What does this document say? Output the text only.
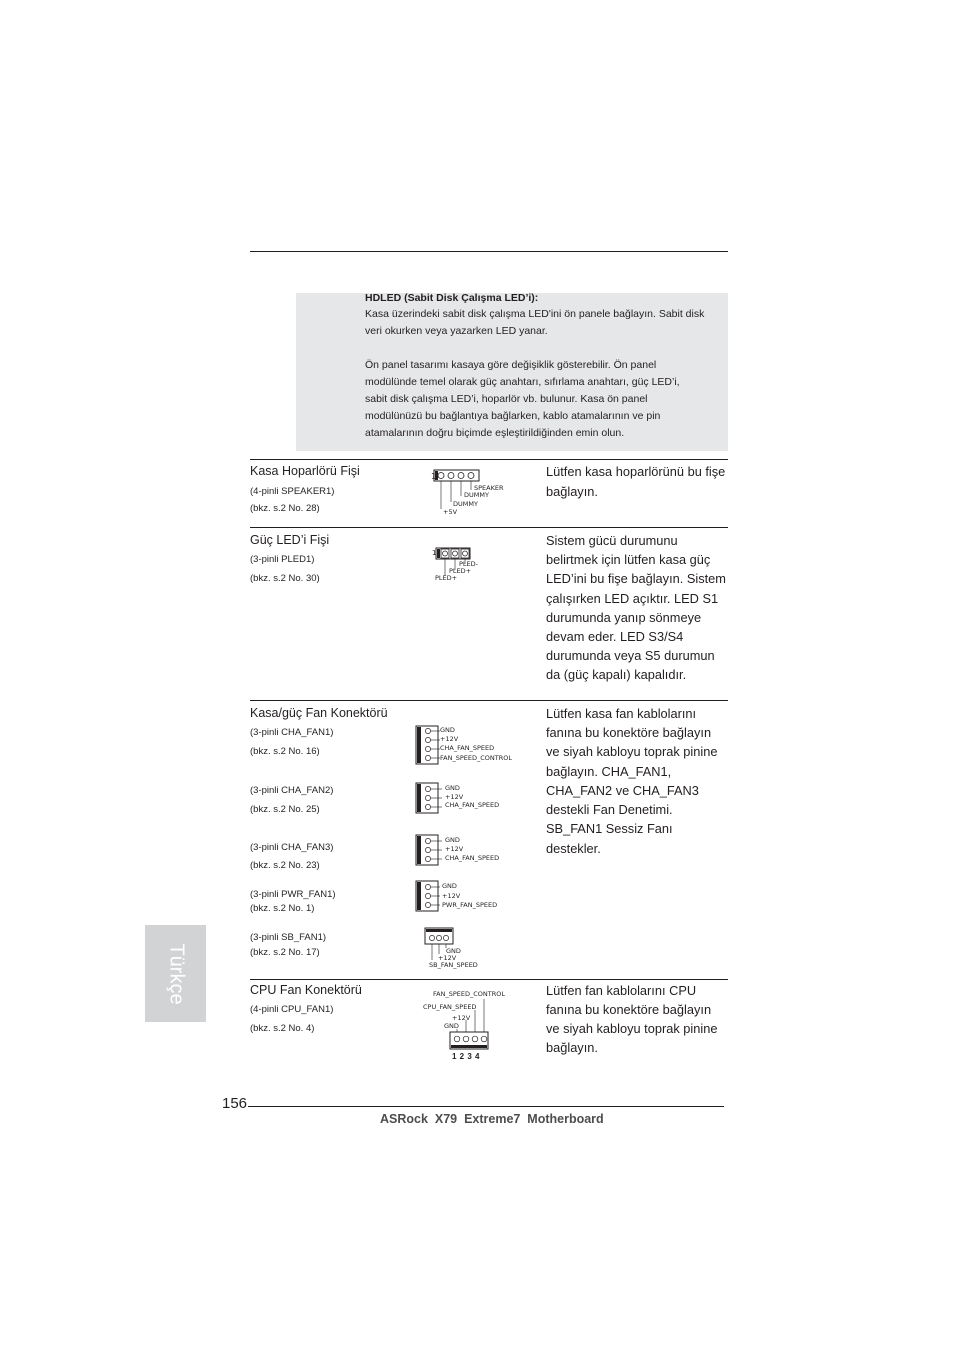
HDLED (Sabit Disk Çalışma LED’i):
Kasa üzerindeki sabit disk çalışma LED'ini ön panele bağlayın. Sabit disk
veri okurken veya yazarken LED yanar.
Ön panel tasarımı kasaya göre değişiklik gösterebilir. Ön panel
modülünde temel olarak güç anahtarı, sıfırlama anahtarı, güç LED’i,
sabit disk çalışma LED’i, hoparlör vb. bulunur. Kasa ön panel
modülünüzü bu bağlantıya bağlarken, kablo atamalarının ve pin
atamalarının doğru biçimde eşleştirildiğinden emin olun.
Kasa Hoparlörü Fişi
(4-pinli SPEAKER1)
(bkz. s.2 No. 28)
Lütfen kasa hoparlörünü bu fişe
bağlayın.
1
SPEAKER
DUMMY
DUMMY
+5V
Güç LED’i Fişi
(3-pinli PLED1)
(bkz. s.2 No. 30)
Sistem gücü durumunu
belirtmek için lütfen kasa güç
LED’ini bu fişe bağlayın. Sistem
çalışırken LED açıktır. LED S1
durumunda yanıp sönmeye
devam eder. LED S3/S4
durumunda veya S5 durumun
da (güç kapalı) kapalıdır.
1
PLED-
PLED+
PLED+
Kasa/güç Fan Konektörü	Lütfen kasa fan kablolarını
fanına bu konektöre bağlayın
ve siyah kabloyu toprak pinine
bağlayın. CHA_FAN1,
CHA_FAN2 ve CHA_FAN3
destekli Fan Denetimi.
SB_FAN1 Sessiz Fanı
destekler.
(3-pinli CHA_FAN1)
(bkz. s.2 No. 16)
GND
+12V
CHA_FAN_SPEED
FAN_SPEED_CONTROL
(3-pinli CHA_FAN2)
(bkz. s.2 No. 25)
GND
+12V
CHA_FAN_SPEED
(3-pinli CHA_FAN3)
(bkz. s.2 No. 23)
GND
+12V
CHA_FAN_SPEED
(3-pinli PWR_FAN1)
(bkz. s.2 No. 1)
GND
+12V
PWR_FAN_SPEED
(3-pinli SB_FAN1)
(bkz. s.2 No. 17)	GND
+12V
SB_FAN_SPEED
CPU Fan Konektörü
(4-pinli CPU_FAN1)
(bkz. s.2 No. 4)
Lütfen fan kablolarını CPU
fanına bu konektöre bağlayın
ve siyah kabloyu toprak pinine
bağlayın.
FAN_SPEED_CONTROL
CPU_FAN_SPEED
+12V
GND
1 2 3 4
Türkçe
156
ASRock  X79  Extreme7  Motherboard
